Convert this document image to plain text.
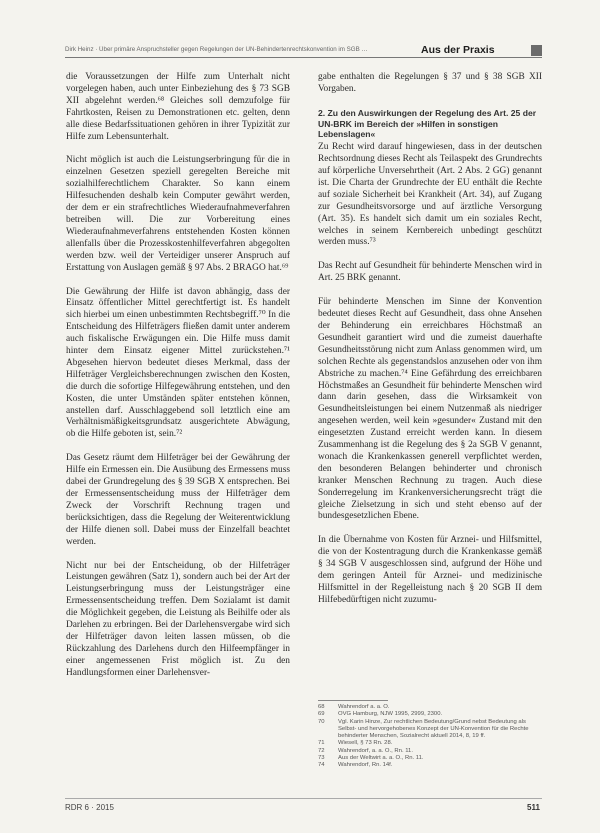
Dirk Heinz · Über primäre Anspruchsteller gegen Regelungen der UN-Behindertenrechtskonvention im SGB …	Aus der Praxis

die Voraussetzungen der Hilfe zum Unterhalt nicht vorgelegen haben, auch unter Einbeziehung des § 73 SGB XII abgelehnt werden.⁶⁸ Gleiches soll demzufolge für Fahrtkosten, Reisen zu Demonstrationen etc. gelten, denn alle diese Bedarfssituationen gehören in ihrer Typizität zur Hilfe zum Lebensunterhalt.

Nicht möglich ist auch die Leistungserbringung für die in einzelnen Gesetzen speziell geregelten Bereiche mit sozialhilferechtlichem Charakter. So kann einem Hilfesuchenden deshalb kein Computer gewährt werden, der dem er ein strafrechtliches Wiederaufnahmeverfahren betreiben will. Die zur Vorbereitung eines Wiederaufnahmeverfahrens entstehenden Kosten können allenfalls über die Prozesskostenhilfeverfahren abgegolten werden bzw. weil der Verteidiger unserer Anspruch auf Erstattung von Auslagen gemäß § 97 Abs. 2 BRAGO hat.⁶⁹

Die Gewährung der Hilfe ist davon abhängig, dass der Einsatz öffentlicher Mittel gerechtfertigt ist. Es handelt sich hierbei um einen unbestimmten Rechtsbegriff.⁷⁰ In die Entscheidung des Hilfeträgers fließen damit unter anderem auch fiskalische Erwägungen ein. Die Hilfe muss damit hinter dem Einsatz eigener Mittel zurückstehen.⁷¹ Abgesehen hiervon bedeutet dieses Merkmal, dass der Hilfeträger Vergleichsberechnungen zwischen den Kosten, die durch die sofortige Hilfegewährung entstehen, und den Kosten, die unter Umständen später entstehen können, anstellen darf. Ausschlaggebend soll letztlich eine am Verhältnismäßigkeitsgrundsatz ausgerichtete Abwägung, ob die Hilfe geboten ist, sein.⁷²

Das Gesetz räumt dem Hilfeträger bei der Gewährung der Hilfe ein Ermessen ein. Die Ausübung des Ermessens muss dabei der Grundregelung des § 39 SGB X entsprechen. Bei der Ermessensentscheidung muss der Hilfeträger dem Zweck der Vorschrift Rechnung tragen und berücksichtigen, dass die Regelung der Weiterentwicklung der Hilfe dienen soll. Dabei muss der Einzelfall beachtet werden.

Nicht nur bei der Entscheidung, ob der Hilfeträger Leistungen gewähren (Satz 1), sondern auch bei der Art der Leistungserbringung muss der Leistungsträger eine Ermessensentscheidung treffen. Dem Sozialamt ist damit die Möglichkeit gegeben, die Leistung als Beihilfe oder als Darlehen zu erbringen. Bei der Darlehensvergabe wird sich der Hilfeträger davon leiten lassen müssen, ob die Rückzahlung des Darlehens durch den Hilfeempfänger in einer angemessenen Frist möglich ist. Zu den Handlungsformen einer Darlehensver-

gabe enthalten die Regelungen § 37 und § 38 SGB XII Vorgaben.

2. Zu den Auswirkungen der Regelung des Art. 25 der UN-BRK im Bereich der »Hilfen in sonstigen Lebenslagen«

Zu Recht wird darauf hingewiesen, dass in der deutschen Rechtsordnung dieses Recht als Teilaspekt des Grundrechts auf körperliche Unversehrtheit (Art. 2 Abs. 2 GG) genannt ist. Die Charta der Grundrechte der EU enthält die Rechte auf soziale Sicherheit bei Krankheit (Art. 34), auf Zugang zur Gesundheitsvorsorge und auf ärztliche Versorgung (Art. 35). Es handelt sich damit um ein soziales Recht, welches in seinem Kernbereich unbedingt geschützt werden muss.⁷³

Das Recht auf Gesundheit für behinderte Menschen wird in Art. 25 BRK genannt.

Für behinderte Menschen im Sinne der Konvention bedeutet dieses Recht auf Gesundheit, dass ohne Ansehen der Behinderung ein erreichbares Höchstmaß an Gesundheit garantiert wird und die zumeist dauerhafte Gesundheitsstörung nicht zum Anlass genommen wird, um solchen Rechte als gegenstandslos anzusehen oder von ihm Abstriche zu machen.⁷⁴ Eine Gefährdung des erreichbaren Höchstmaßes an Gesundheit für behinderte Menschen wird dann darin gesehen, dass die Wirksamkeit von Gesundheitsleistungen bei einem Nutzenmaß als niedriger angesehen werden, weil kein »gesunder« Zustand mit den eingesetzten Zustand erreicht werden kann. In diesem Zusammenhang ist die Regelung des § 2a SGB V genannt, wonach die Krankenkassen generell verpflichtet werden, den besonderen Belangen behinderter und chronisch kranker Menschen Rechnung zu tragen. Auch diese Sonderregelung im Krankenversicherungsrecht trägt die gleiche Zielsetzung in sich und steht ebenso auf der bundesgesetzlichen Ebene.

In die Übernahme von Kosten für Arznei- und Hilfsmittel, die von der Kostentragung durch die Krankenkasse gemäß § 34 SGB V ausgeschlossen sind, aufgrund der Höhe und dem geringen Anteil für Arznei- und medizinische Hilfsmittel in der Regelleistung nach § 20 SGB II dem Hilfebedürftigen nicht zuzumu-

68	Wahrendorf a. a. O.
69	OVG Hamburg, NJW 1995, 2999, 2300.
70	Vgl. Karin Hinze, Zur rechtlichen Bedeutung/Grund nebst Bedeutung als Selbst- und hervorgehobenes Konzept der UN-Konvention für die Rechte behinderter Menschen, Sozialrecht aktuell 2014, 8, 19 ff.
71	Wiesell, § 73 Rn. 28.
72	Wahrendorf, a. a. O., Rn. 11.
73	Aus der Weltwirt a. a. O., Rn. 11.
74	Wahrendorf, Rn. 14f.
RDR 6 · 2015	511
